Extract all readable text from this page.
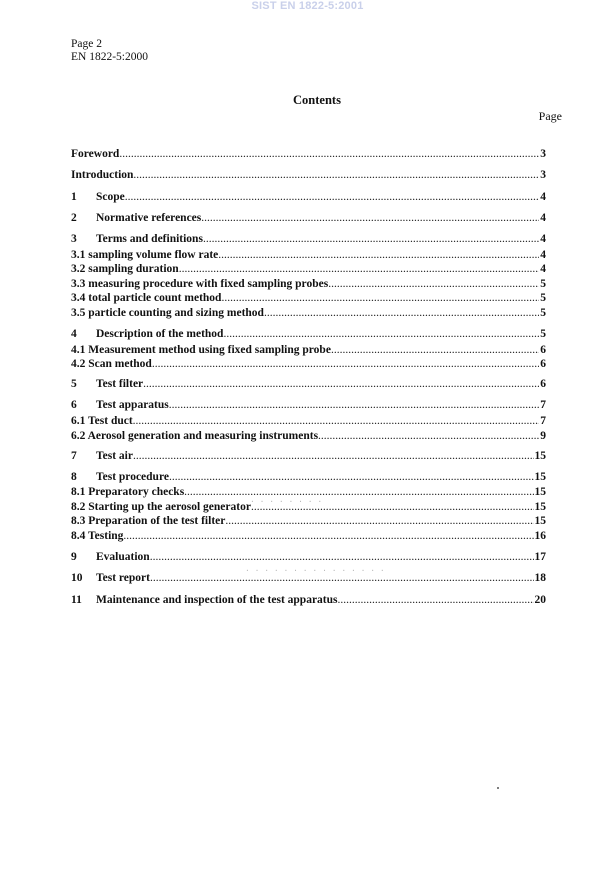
SIST EN 1822-5:2001
Page 2
EN 1822-5:2000
Contents
Page
Foreword .....	3
Introduction .....	3
1	Scope .....	4
2	Normative references .....	4
3	Terms and definitions .....	4
3.1 sampling volume flow rate .....	4
3.2 sampling duration .....	4
3.3 measuring procedure with fixed sampling probes .....	5
3.4 total particle count method .....	5
3.5 particle counting and sizing method .....	5
4	Description of the method .....	5
4.1 Measurement method using fixed sampling probe .....	6
4.2 Scan method .....	6
5	Test filter .....	6
6	Test apparatus .....	7
6.1 Test duct .....	7
6.2 Aerosol generation and measuring instruments .....	9
7	Test air .....	15
8	Test procedure .....	15
8.1 Preparatory checks .....	15
8.2 Starting up the aerosol generator .....	15
8.3 Preparation of the test filter .....	15
8.4 Testing .....	16
9	Evaluation .....	17
10	Test report .....	18
11	Maintenance and inspection of the test apparatus .....	20
· · · · · · · ·
· · · · · · · · · · · · · · ·
